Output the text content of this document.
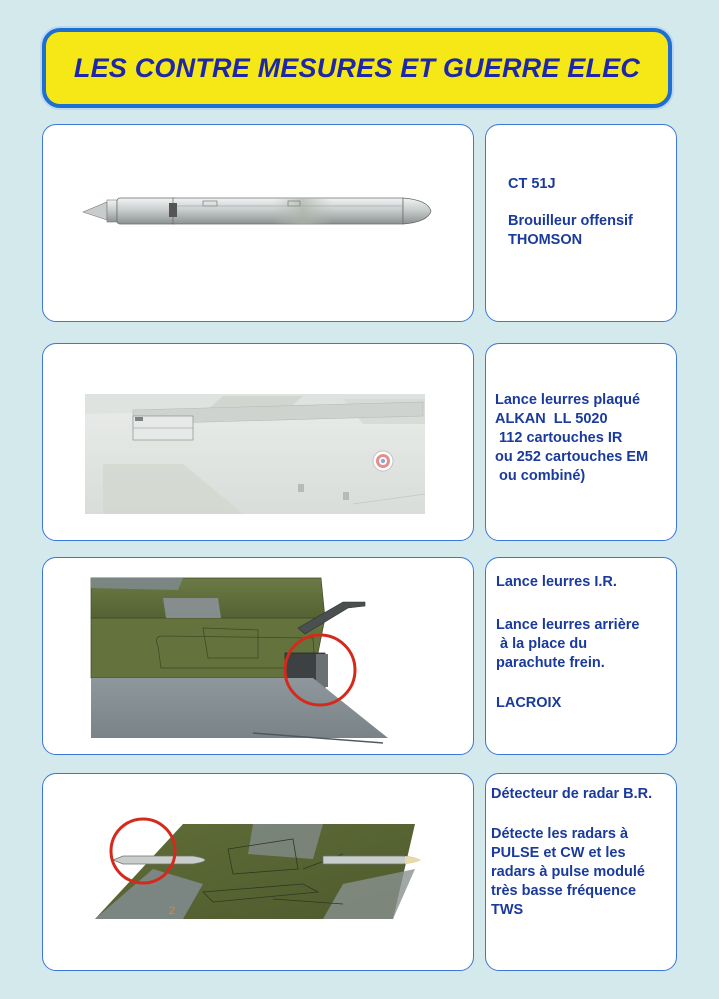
LES CONTRE MESURES ET GUERRE ELEC
CT 51J
Brouilleur offensif
THOMSON
Lance leurres plaqué
ALKAN  LL 5020
112 cartouches IR
ou 252 cartouches EM
ou combiné)
Lance leurres I.R.
Lance leurres arrière
à la place du
parachute frein.
LACROIX
2
Détecteur de radar B.R.
Détecte les radars à
PULSE et CW et les
radars à pulse modulé
très basse fréquence
TWS
